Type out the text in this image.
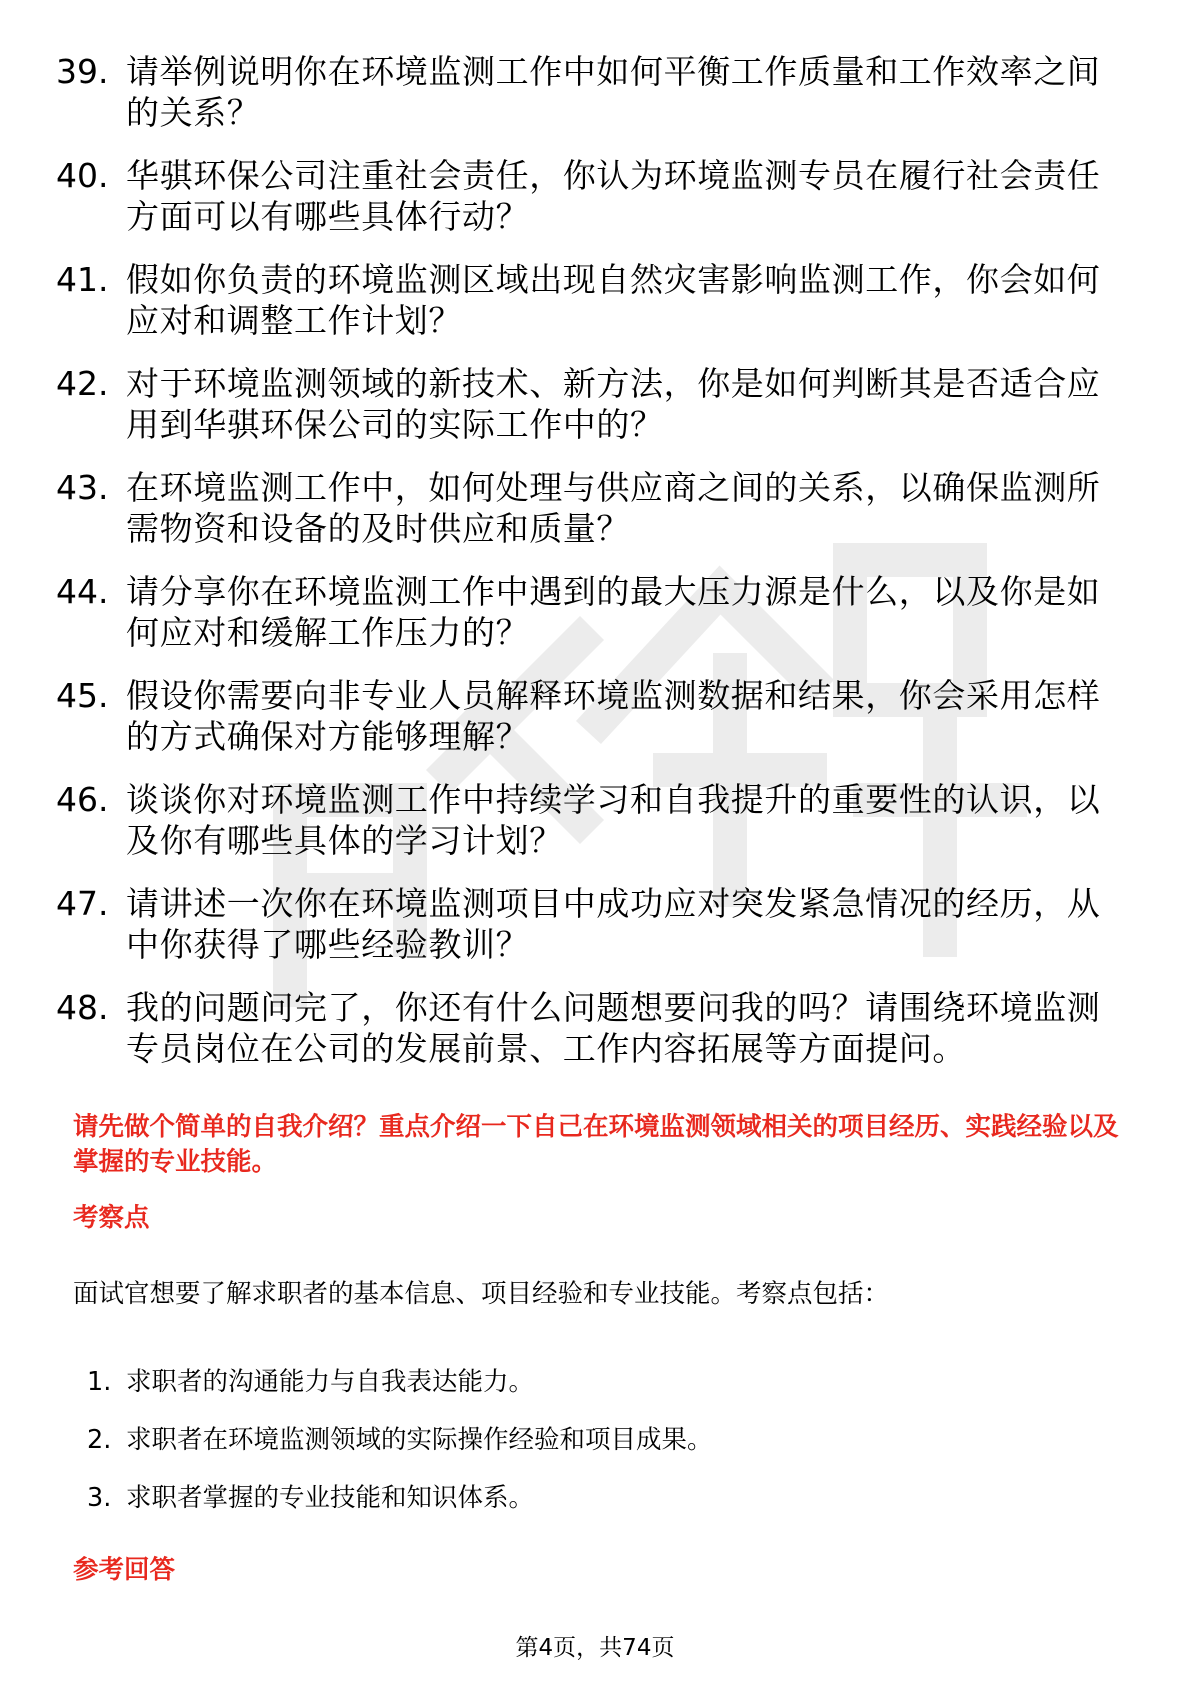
39. 请举例说明你在环境监测工作中如何平衡工作质量和工作效率之间的关系？
40. 华骐环保公司注重社会责任，你认为环境监测专员在履行社会责任方面可以有哪些具体行动？
41. 假如你负责的环境监测区域出现自然灾害影响监测工作，你会如何应对和调整工作计划？
42. 对于环境监测领域的新技术、新方法，你是如何判断其是否适合应用到华骐环保公司的实际工作中的？
43. 在环境监测工作中，如何处理与供应商之间的关系，以确保监测所需物资和设备的及时供应和质量？
44. 请分享你在环境监测工作中遇到的最大压力源是什么，以及你是如何应对和缓解工作压力的？
45. 假设你需要向非专业人员解释环境监测数据和结果，你会采用怎样的方式确保对方能够理解？
46. 谈谈你对环境监测工作中持续学习和自我提升的重要性的认识，以及你有哪些具体的学习计划？
47. 请讲述一次你在环境监测项目中成功应对突发紧急情况的经历，从中你获得了哪些经验教训？
48. 我的问题问完了，你还有什么问题想要问我的吗？请围绕环境监测专员岗位在公司的发展前景、工作内容拓展等方面提问。
请先做个简单的自我介绍？重点介绍一下自己在环境监测领域相关的项目经历、实践经验以及掌握的专业技能。
考察点
面试官想要了解求职者的基本信息、项目经验和专业技能。考察点包括：
1. 求职者的沟通能力与自我表达能力。
2. 求职者在环境监测领域的实际操作经验和项目成果。
3. 求职者掌握的专业技能和知识体系。
参考回答
第4页，共74页
